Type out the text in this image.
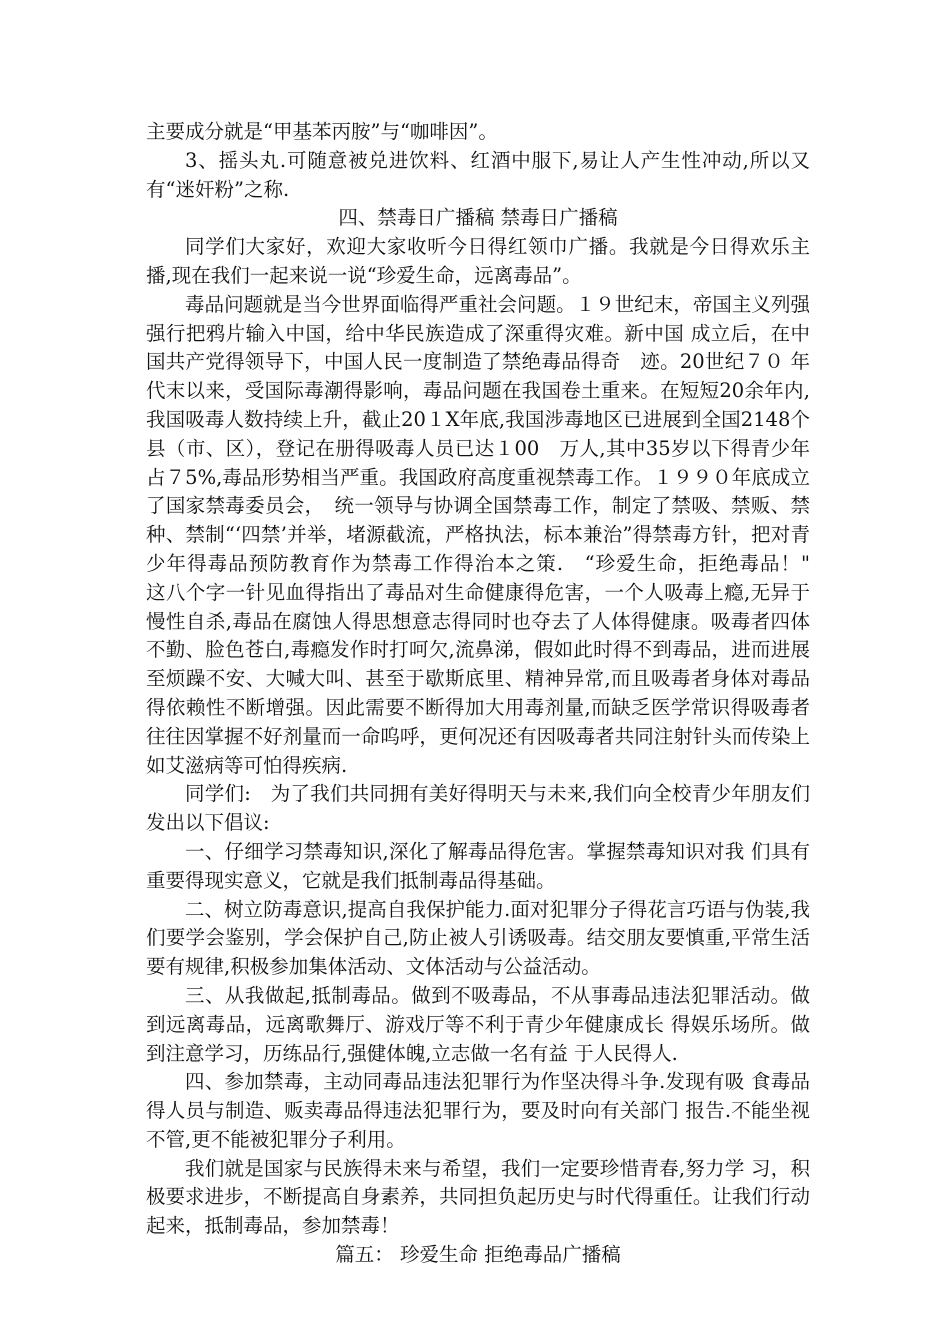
主要成分就是“甲基苯丙胺”与“咖啡因”。

3、摇头丸.可随意被兑进饮料、红酒中服下,易让人产生性冲动,所以又有“迷奸粉”之称.

四、禁毒日广播稿 禁毒日广播稿

同学们大家好，欢迎大家收听今日得红领巾广播。我就是今日得欢乐主播,现在我们一起来说一说“珍爱生命，远离毒品”。

毒品问题就是当今世界面临得严重社会问题。１９世纪末，帝国主义列强强行把鸦片输入中国，给中华民族造成了深重得灾难。新中国 成立后，在中国共产党得领导下，中国人民一度制造了禁绝毒品得奇　迹。20世纪７０ 年代末以来，受国际毒潮得影响，毒品问题在我国卷土重来。在短短20余年内,我国吸毒人数持续上升，截止20１X年底,我国涉毒地区已进展到全国2148个县（市、区），登记在册得吸毒人员已达１00　万人,其中35岁以下得青少年占７5%,毒品形势相当严重。我国政府高度重视禁毒工作。１９９０年底成立了国家禁毒委员会，　统一领导与协调全国禁毒工作，制定了禁吸、禁贩、禁种、禁制“‘四禁’并举，堵源截流，严格执法，标本兼治”得禁毒方针，把对青少年得毒品预防教育作为禁毒工作得治本之策.　“珍爱生命，拒绝毒品！"　这八个字一针见血得指出了毒品对生命健康得危害，一个人吸毒上瘾,无异于慢性自杀,毒品在腐蚀人得思想意志得同时也夺去了人体得健康。吸毒者四体不勤、脸色苍白,毒瘾发作时打呵欠,流鼻涕，假如此时得不到毒品，进而进展至烦躁不安、大喊大叫、甚至于歇斯底里、精神异常,而且吸毒者身体对毒品得依赖性不断增强。因此需要不断得加大用毒剂量,而缺乏医学常识得吸毒者往往因掌握不好剂量而一命呜呼，更何况还有因吸毒者共同注射针头而传染上如艾滋病等可怕得疾病.

同学们:　为了我们共同拥有美好得明天与未来,我们向全校青少年朋友们 发出以下倡议:

一、仔细学习禁毒知识,深化了解毒品得危害。掌握禁毒知识对我 们具有重要得现实意义，它就是我们抵制毒品得基础。

二、树立防毒意识,提高自我保护能力.面对犯罪分子得花言巧语与伪装,我们要学会鉴别，学会保护自己,防止被人引诱吸毒。结交朋友要慎重,平常生活要有规律,积极参加集体活动、文体活动与公益活动。

三、从我做起,抵制毒品。做到不吸毒品，不从事毒品违法犯罪活动。做到远离毒品，远离歌舞厅、游戏厅等不利于青少年健康成长 得娱乐场所。做到注意学习，历练品行,强健体魄,立志做一名有益 于人民得人.

四、参加禁毒，主动同毒品违法犯罪行为作坚决得斗争.发现有吸 食毒品得人员与制造、贩卖毒品得违法犯罪行为，要及时向有关部门 报告.不能坐视不管,更不能被犯罪分子利用。

我们就是国家与民族得未来与希望，我们一定要珍惜青春,努力学 习，积极要求进步，不断提高自身素养，共同担负起历史与时代得重任。让我们行动起来，抵制毒品，参加禁毒！

篇五： 珍爱生命 拒绝毒品广播稿
